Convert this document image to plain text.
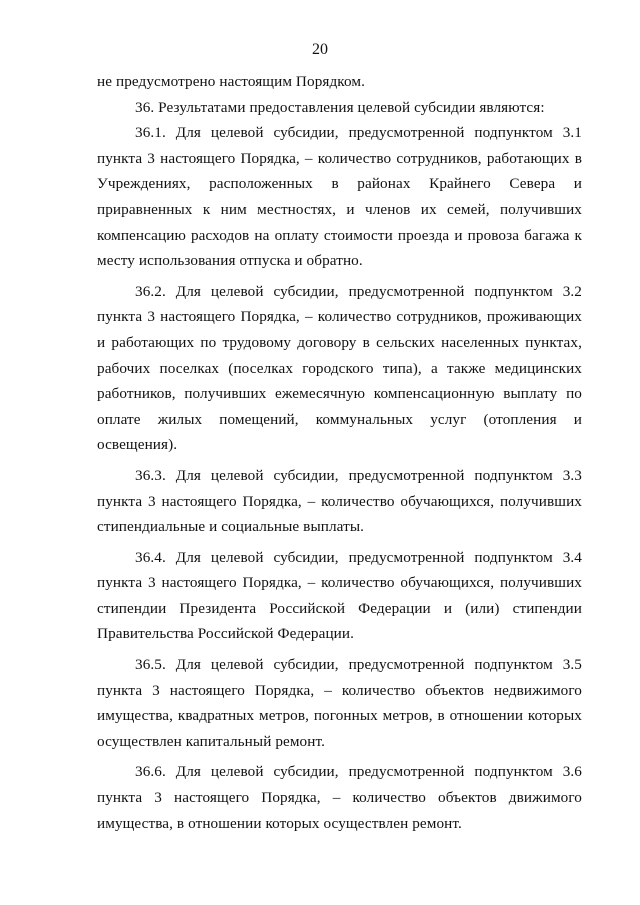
20

не предусмотрено настоящим Порядком.

36. Результатами предоставления целевой субсидии являются:

36.1. Для целевой субсидии, предусмотренной подпунктом 3.1 пункта 3 настоящего Порядка, – количество сотрудников, работающих в Учреждениях, расположенных в районах Крайнего Севера и приравненных к ним местностях, и членов их семей, получивших компенсацию расходов на оплату стоимости проезда и провоза багажа к месту использования отпуска и обратно.

36.2. Для целевой субсидии, предусмотренной подпунктом 3.2 пункта 3 настоящего Порядка, – количество сотрудников, проживающих и работающих по трудовому договору в сельских населенных пунктах, рабочих поселках (поселках городского типа), а также медицинских работников, получивших ежемесячную компенсационную выплату по оплате жилых помещений, коммунальных услуг (отопления и освещения).

36.3. Для целевой субсидии, предусмотренной подпунктом 3.3 пункта 3 настоящего Порядка, – количество обучающихся, получивших стипендиальные и социальные выплаты.

36.4. Для целевой субсидии, предусмотренной подпунктом 3.4 пункта 3 настоящего Порядка, – количество обучающихся, получивших стипендии Президента Российской Федерации и (или) стипендии Правительства Российской Федерации.

36.5. Для целевой субсидии, предусмотренной подпунктом 3.5 пункта 3 настоящего Порядка, – количество объектов недвижимого имущества, квадратных метров, погонных метров, в отношении которых осуществлен капитальный ремонт.

36.6. Для целевой субсидии, предусмотренной подпунктом 3.6 пункта 3 настоящего Порядка, – количество объектов движимого имущества, в отношении которых осуществлен ремонт.
